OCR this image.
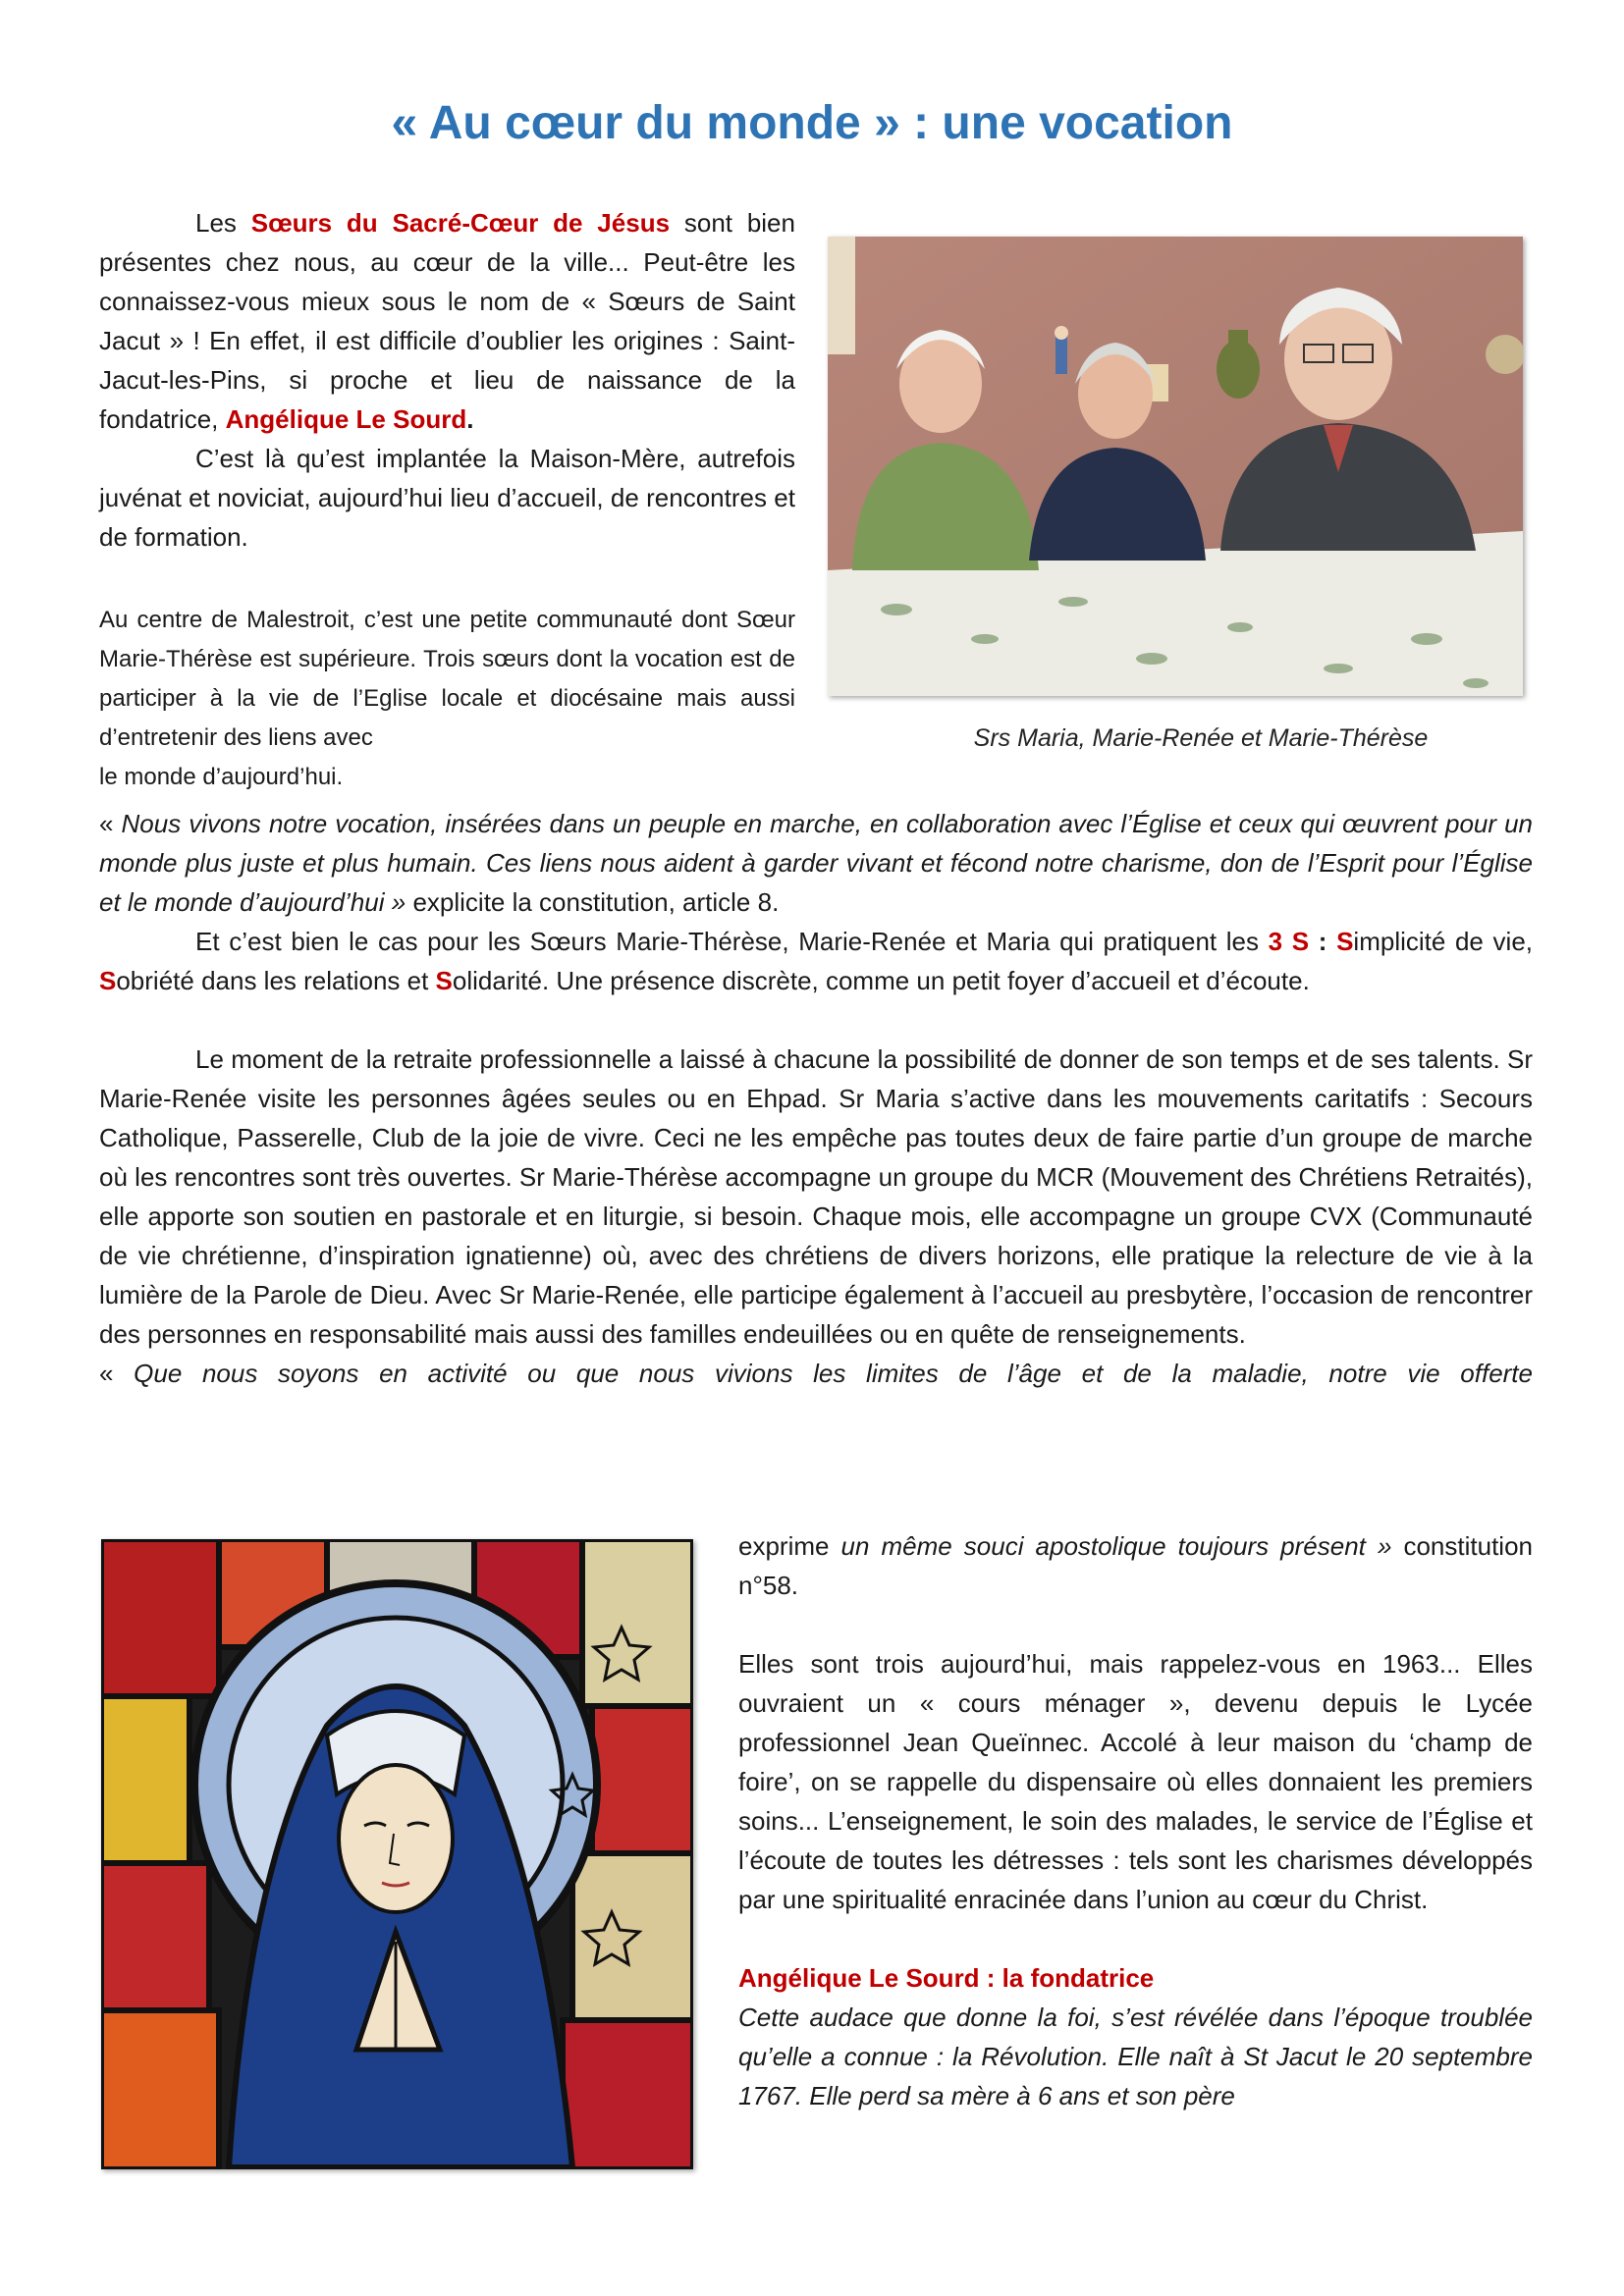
« Au cœur du monde » : une vocation

Les Sœurs du Sacré-Cœur de Jésus sont bien présentes chez nous, au cœur de la ville... Peut-être les connaissez-vous mieux sous le nom de « Sœurs de Saint Jacut » ! En effet, il est difficile d’oublier les origines : Saint-Jacut-les-Pins, si proche et lieu de naissance de la fondatrice, Angélique Le Sourd.

C’est là qu’est implantée la Maison-Mère, autrefois juvénat et noviciat, aujourd’hui lieu d’accueil, de rencontres et de formation.

Au centre de Malestroit, c’est une petite communauté dont Sœur Marie-Thérèse est supérieure. Trois sœurs dont la vocation est de participer à la vie de l’Eglise locale et diocésaine mais aussi d’entretenir des liens avec

le monde d’aujourd’hui.

Srs Maria, Marie-Renée et Marie-Thérèse

« Nous vivons notre vocation, insérées dans un peuple en marche, en collaboration avec l’Église et ceux qui œuvrent pour un monde plus juste et plus humain. Ces liens nous aident à garder vivant et fécond notre charisme, don de l’Esprit pour l’Église et le monde d’aujourd’hui » explicite la constitution, article 8.

Et c’est bien le cas pour les Sœurs Marie-Thérèse, Marie-Renée et Maria qui pratiquent les 3 S : Simplicité de vie, Sobriété dans les relations et Solidarité. Une présence discrète, comme un petit foyer d’accueil et d’écoute.

Le moment de la retraite professionnelle a laissé à chacune la possibilité de donner de son temps et de ses talents. Sr Marie-Renée visite les personnes âgées seules ou en Ehpad. Sr Maria s’active dans les mouvements caritatifs : Secours Catholique, Passerelle, Club de la joie de vivre. Ceci ne les empêche pas toutes deux de faire partie d’un groupe de marche où les rencontres sont très ouvertes. Sr Marie-Thérèse accompagne un groupe du MCR (Mouvement des Chrétiens Retraités), elle apporte son soutien en pastorale et en liturgie, si besoin. Chaque mois, elle accompagne un groupe CVX (Communauté de vie chrétienne, d’inspiration ignatienne) où, avec des chrétiens de divers horizons, elle pratique la relecture de vie à la lumière de la Parole de Dieu. Avec Sr Marie-Renée, elle participe également à l’accueil au presbytère, l’occasion de rencontrer des personnes en responsabilité mais aussi des familles endeuillées ou en quête de renseignements.

« Que nous soyons en activité ou que nous vivions les limites de l’âge et de la maladie, notre vie offerte

exprime un même souci apostolique toujours présent » constitution n°58.

Elles sont trois aujourd’hui, mais rappelez-vous en 1963... Elles ouvraient un « cours ménager », devenu depuis le Lycée professionnel Jean Queïnnec. Accolé à leur maison du ‘champ de foire’, on se rappelle du dispensaire où elles donnaient les premiers soins... L’enseignement, le soin des malades, le service de l’Église et l’écoute de toutes les détresses : tels sont les charismes développés par une spiritualité enracinée dans l’union au cœur du Christ.

Angélique Le Sourd : la fondatrice

Cette audace que donne la foi, s’est révélée dans l’époque troublée qu’elle a connue : la Révolution. Elle naît à St Jacut le 20 septembre 1767. Elle perd sa mère à 6 ans et son père
